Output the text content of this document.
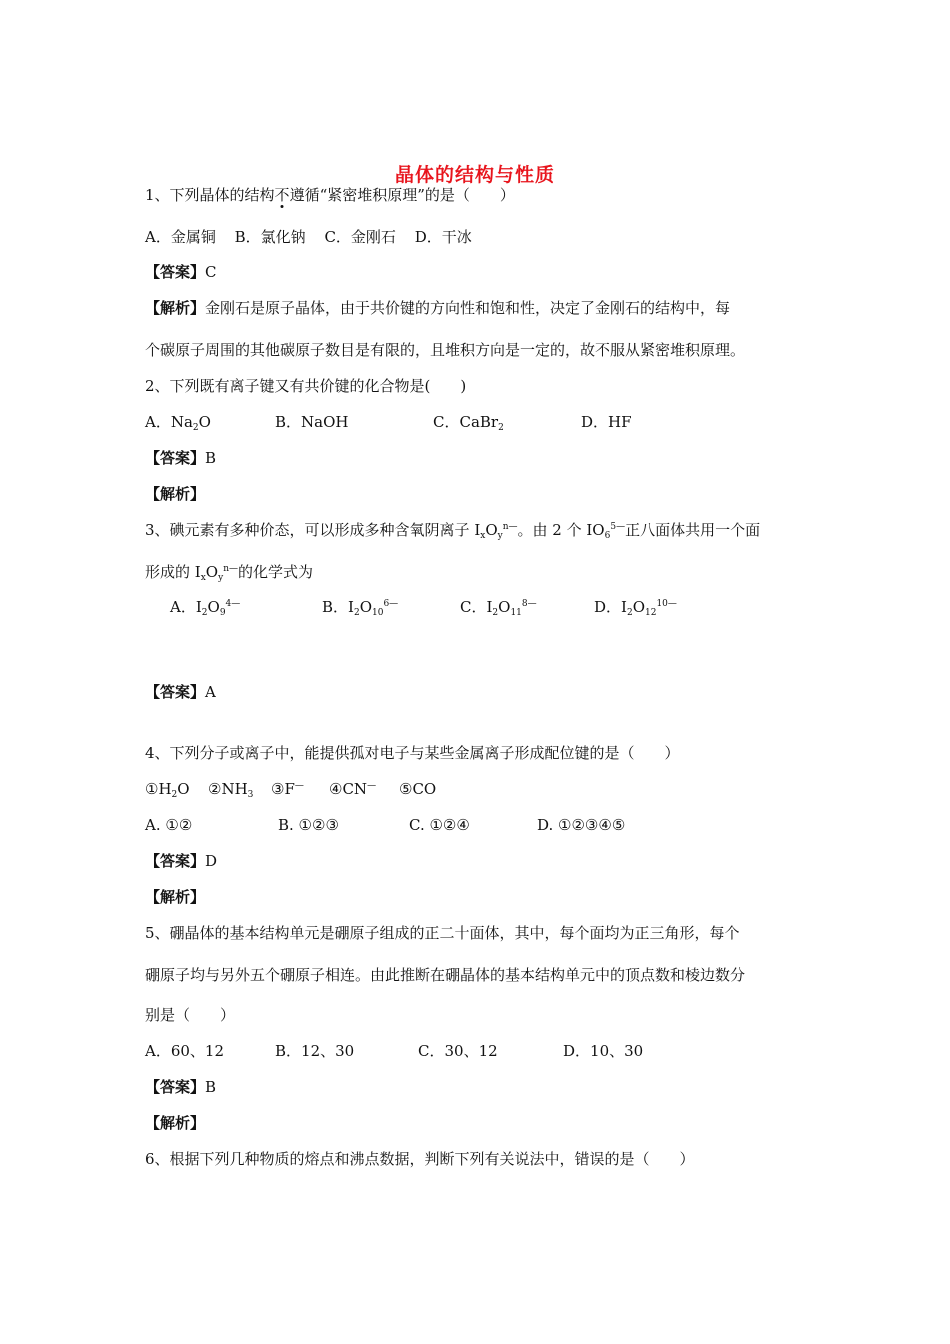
晶体的结构与性质
1、下列晶体的结构不遵循“紧密堆积原理”的是（　　）
A．金属铜 B．氯化钠 C．金刚石 D．干冰
【答案】C
【解析】金刚石是原子晶体，由于共价键的方向性和饱和性，决定了金刚石的结构中，每
个碳原子周围的其他碳原子数目是有限的，且堆积方向是一定的，故不服从紧密堆积原理。
2、下列既有离子键又有共价键的化合物是(　　)
A．$Na_2O$	B．NaOH	C．CaBr$_2$	D．HF
【答案】B
【解析】
3、碘元素有多种价态，可以形成多种含氧阴离子 $I_xO_y^{n—}$。由 2 个 $IO_6^{5—}$正八面体共用一个面
形成的 $I_xO_y^{n—}$的化学式为
A．$I_2O_9^{4—}$	B．$I_2O_{10}^{6—}$	C．$I_2O_{11}^{8—}$	D．$I_2O_{12}^{10—}$
【答案】A
4、下列分子或离子中，能提供孤对电子与某些金属离子形成配位键的是（　　）
$①H_2O$ $②NH_3$ ③F— ④CN— ⑤CO
A. ①②	B. ①②③	C. ①②④	D. ①②③④⑤
【答案】D
【解析】
5、硼晶体的基本结构单元是硼原子组成的正二十面体，其中，每个面均为正三角形，每个
硼原子均与另外五个硼原子相连。由此推断在硼晶体的基本结构单元中的顶点数和棱边数分
别是（　　）
A．60、12	B．12、30	C．30、12	D．10、30
【答案】B
【解析】
6、根据下列几种物质的熔点和沸点数据，判断下列有关说法中，错误的是（　　）
